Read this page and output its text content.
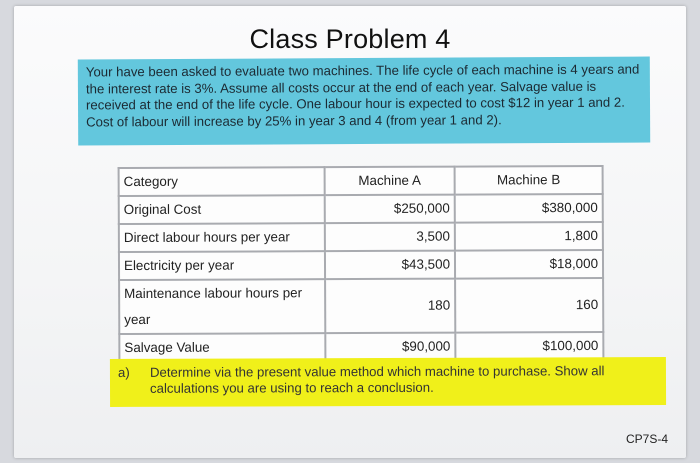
Class Problem 4
Your have been asked to evaluate two machines. The life cycle of each machine is 4 years and the interest rate is 3%. Assume all costs occur at the end of each year. Salvage value is received at the end of the life cycle. One labour hour is expected to cost $12 in year 1 and 2. Cost of labour will increase by 25% in year 3 and 4 (from year 1 and 2).
Category	Machine A	Machine B
Original Cost	$250,000	$380,000
Direct labour hours per year	3,500	1,800
Electricity per year	$43,500	$18,000
Maintenance labour hours per year	180	160
Salvage Value	$90,000	$100,000
a) Determine via the present value method which machine to purchase. Show all calculations you are using to reach a conclusion.
CP7S-4
